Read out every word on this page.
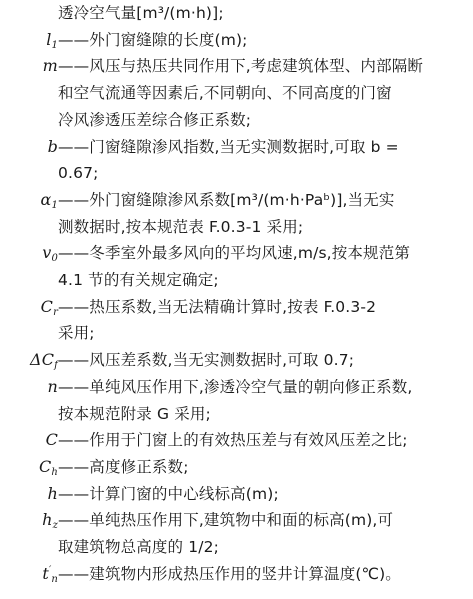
透冷空气量[m³/(m·h)];
$l_1$ ——外门窗缝隙的长度(m);
m ——风压与热压共同作用下,考虑建筑体型、内部隔断
和空气流通等因素后,不同朝向、不同高度的门窗
冷风渗透压差综合修正系数;
b ——门窗缝隙渗风指数,当无实测数据时,可取 b =
0.67;
$\alpha_1$ ——外门窗缝隙渗风系数[m³/(m·h·Paᵇ)],当无实
测数据时,按本规范表 F.0.3-1 采用;
$v_0$ ——冬季室外最多风向的平均风速,m/s,按本规范第
4.1 节的有关规定确定;
$C_r$ ——热压系数,当无法精确计算时,按表 F.0.3-2
采用;
$\Delta C_f$ ——风压差系数,当无实测数据时,可取 0.7;
n ——单纯风压作用下,渗透冷空气量的朝向修正系数,
按本规范附录 G 采用;
C ——作用于门窗上的有效热压差与有效风压差之比;
$C_h$ ——高度修正系数;
h ——计算门窗的中心线标高(m);
$h_z$ ——单纯热压作用下,建筑物中和面的标高(m),可
取建筑物总高度的 1/2;
$t'_n$ ——建筑物内形成热压作用的竖井计算温度(℃)。
